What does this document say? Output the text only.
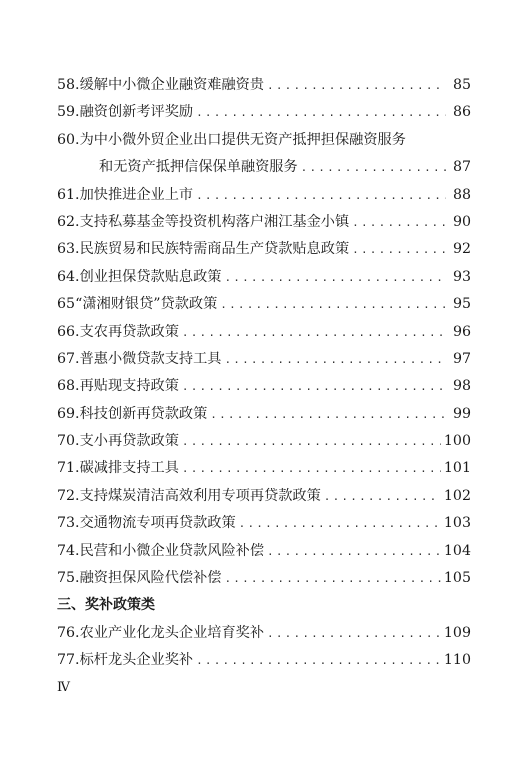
58. 缓解中小微企业融资难融资贵 .....	85
59. 融资创新考评奖励 .....	86
60. 为中小微外贸企业出口提供无资产抵押担保融资服务
和无资产抵押信保保单融资服务 .....	87
61. 加快推进企业上市 .....	88
62. 支持私募基金等投资机构落户湘江基金小镇 .....	90
63. 民族贸易和民族特需商品生产贷款贴息政策 .....	92
64. 创业担保贷款贴息政策 .....	93
65 “潇湘财银贷”贷款政策 .....	95
66. 支农再贷款政策 .....	96
67. 普惠小微贷款支持工具 .....	97
68. 再贴现支持政策 .....	98
69. 科技创新再贷款政策 .....	99
70. 支小再贷款政策 .....	100
71. 碳减排支持工具 .....	101
72. 支持煤炭清洁高效利用专项再贷款政策 .....	102
73. 交通物流专项再贷款政策 .....	103
74. 民营和小微企业贷款风险补偿 .....	104
75. 融资担保风险代偿补偿 .....	105
三、奖补政策类
76. 农业产业化龙头企业培育奖补 .....	109
77. 标杆龙头企业奖补 .....	110
Ⅳ
